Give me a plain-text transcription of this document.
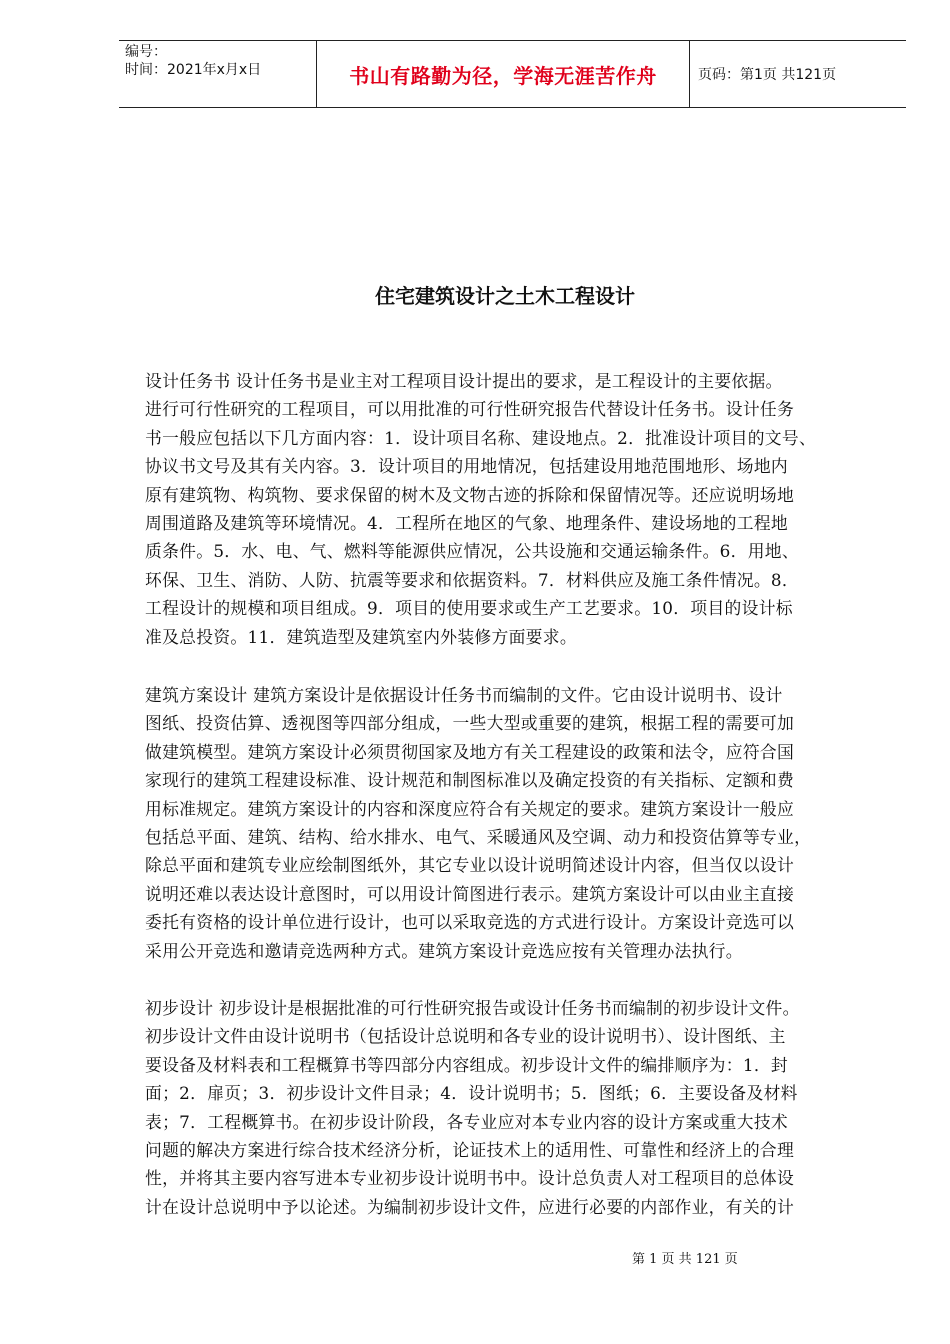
编号：
时间：2021年x月x日	书山有路勤为径，学海无涯苦作舟	页码：第1页 共121页
住宅建筑设计之土木工程设计
设计任务书 设计任务书是业主对工程项目设计提出的要求，是工程设计的主要依据。
进行可行性研究的工程项目，可以用批准的可行性研究报告代替设计任务书。设计任务
书一般应包括以下几方面内容：1．设计项目名称、建设地点。2．批准设计项目的文号、
协议书文号及其有关内容。3．设计项目的用地情况，包括建设用地范围地形、场地内
原有建筑物、构筑物、要求保留的树木及文物古迹的拆除和保留情况等。还应说明场地
周围道路及建筑等环境情况。4．工程所在地区的气象、地理条件、建设场地的工程地
质条件。5．水、电、气、燃料等能源供应情况，公共设施和交通运输条件。6．用地、
环保、卫生、消防、人防、抗震等要求和依据资料。7．材料供应及施工条件情况。8．
工程设计的规模和项目组成。9．项目的使用要求或生产工艺要求。10．项目的设计标
准及总投资。11．建筑造型及建筑室内外装修方面要求。
建筑方案设计 建筑方案设计是依据设计任务书而编制的文件。它由设计说明书、设计
图纸、投资估算、透视图等四部分组成，一些大型或重要的建筑，根据工程的需要可加
做建筑模型。建筑方案设计必须贯彻国家及地方有关工程建设的政策和法令，应符合国
家现行的建筑工程建设标准、设计规范和制图标准以及确定投资的有关指标、定额和费
用标准规定。建筑方案设计的内容和深度应符合有关规定的要求。建筑方案设计一般应
包括总平面、建筑、结构、给水排水、电气、采暖通风及空调、动力和投资估算等专业，
除总平面和建筑专业应绘制图纸外，其它专业以设计说明简述设计内容，但当仅以设计
说明还难以表达设计意图时，可以用设计简图进行表示。建筑方案设计可以由业主直接
委托有资格的设计单位进行设计，也可以采取竞选的方式进行设计。方案设计竞选可以
采用公开竞选和邀请竞选两种方式。建筑方案设计竞选应按有关管理办法执行。
初步设计 初步设计是根据批准的可行性研究报告或设计任务书而编制的初步设计文件。
初步设计文件由设计说明书（包括设计总说明和各专业的设计说明书）、设计图纸、主
要设备及材料表和工程概算书等四部分内容组成。初步设计文件的编排顺序为：1．封
面；2．扉页；3．初步设计文件目录；4．设计说明书；5．图纸；6．主要设备及材料
表；7．工程概算书。在初步设计阶段，各专业应对本专业内容的设计方案或重大技术
问题的解决方案进行综合技术经济分析，论证技术上的适用性、可靠性和经济上的合理
性，并将其主要内容写进本专业初步设计说明书中。设计总负责人对工程项目的总体设
计在设计总说明中予以论述。为编制初步设计文件，应进行必要的内部作业，有关的计
第 1 页 共 121 页
